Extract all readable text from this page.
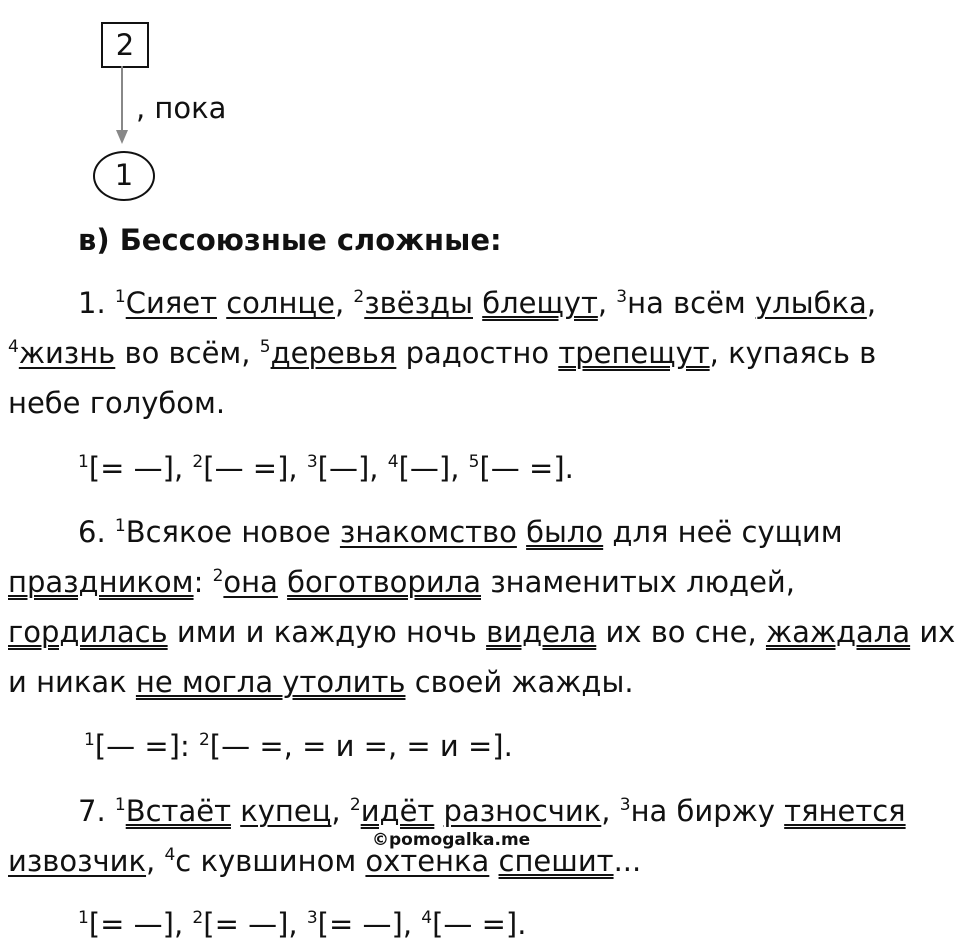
2
, пока
1
в) Бессоюзные сложные:
1. $^1$Сияет солнце, $^2$звёзды блещут, $^3$на всём улыбка,
$^4$жизнь во всём, $^5$деревья радостно трепещут, купаясь в
небе голубом.
$^1$[= —], $^2$[— =], $^3$[—], $^4$[—], $^5$[— =].
6. $^1$Всякое новое знакомство было для неё сущим
праздником: $^2$она боготворила знаменитых людей,
гордилась ими и каждую ночь видела их во сне, жаждала их
и никак не могла утолить своей жажды.
$^1$[— =]: $^2$[— =, = и =, = и =].
7. $^1$Встаёт купец, $^2$идёт разносчик, $^3$на биржу тянется
©pomogalka.me
извозчик, $^4$с кувшином охтенка спешит...
$^1$[= —], $^2$[= —], $^3$[= —], $^4$[— =].
